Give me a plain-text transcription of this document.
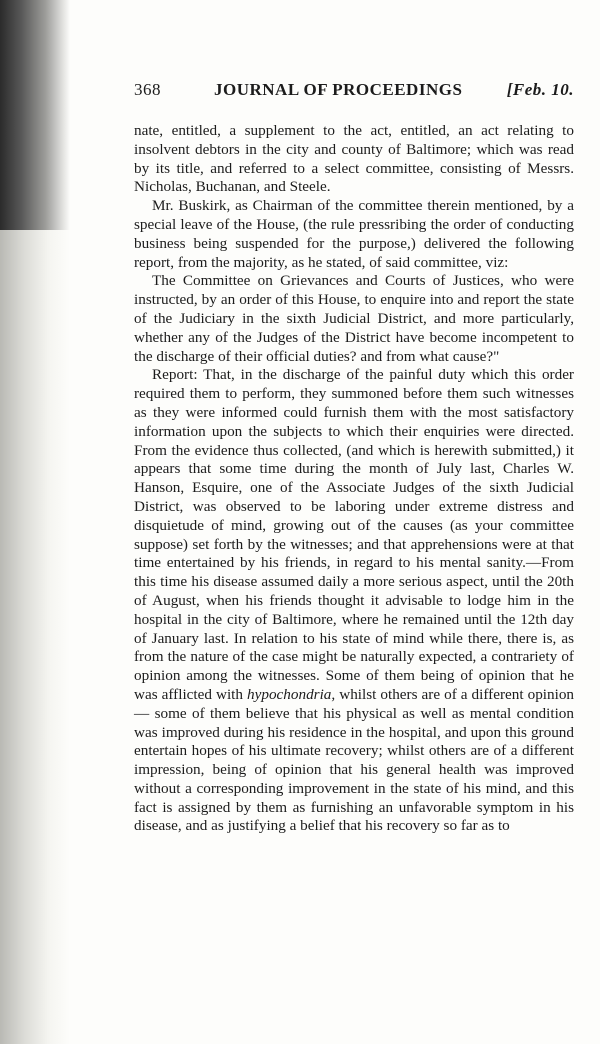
368	JOURNAL OF PROCEEDINGS	[Feb. 10.

nate, entitled, a supplement to the act, entitled, an act relating to insolvent debtors in the city and county of Baltimore; which was read by its title, and referred to a select committee, consisting of Messrs. Nicholas, Buchanan, and Steele.

Mr. Buskirk, as Chairman of the committee therein mentioned, by a special leave of the House, (the rule pressribing the order of conducting business being suspended for the purpose,) delivered the following report, from the majority, as he stated, of said committee, viz:

The Committee on Grievances and Courts of Justices, who were instructed, by an order of this House, to enquire into and report the state of the Judiciary in the sixth Judicial District, and more particularly, whether any of the Judges of the District have become incompetent to the discharge of their official duties? and from what cause?"

Report: That, in the discharge of the painful duty which this order required them to perform, they summoned before them such witnesses as they were informed could furnish them with the most satisfactory information upon the subjects to which their enquiries were directed. From the evidence thus collected, (and which is herewith submitted,) it appears that some time during the month of July last, Charles W. Hanson, Esquire, one of the Associate Judges of the sixth Judicial District, was observed to be laboring under extreme distress and disquietude of mind, growing out of the causes (as your committee suppose) set forth by the witnesses; and that apprehensions were at that time entertained by his friends, in regard to his mental sanity.—From this time his disease assumed daily a more serious aspect, until the 20th of August, when his friends thought it advisable to lodge him in the hospital in the city of Baltimore, where he remained until the 12th day of January last. In relation to his state of mind while there, there is, as from the nature of the case might be naturally expected, a contrariety of opinion among the witnesses. Some of them being of opinion that he was afflicted with hypochondria, whilst others are of a different opinion— some of them believe that his physical as well as mental condition was improved during his residence in the hospital, and upon this ground entertain hopes of his ultimate recovery; whilst others are of a different impression, being of opinion that his general health was improved without a corresponding improvement in the state of his mind, and this fact is assigned by them as furnishing an unfavorable symptom in his disease, and as justifying a belief that his recovery so far as to
